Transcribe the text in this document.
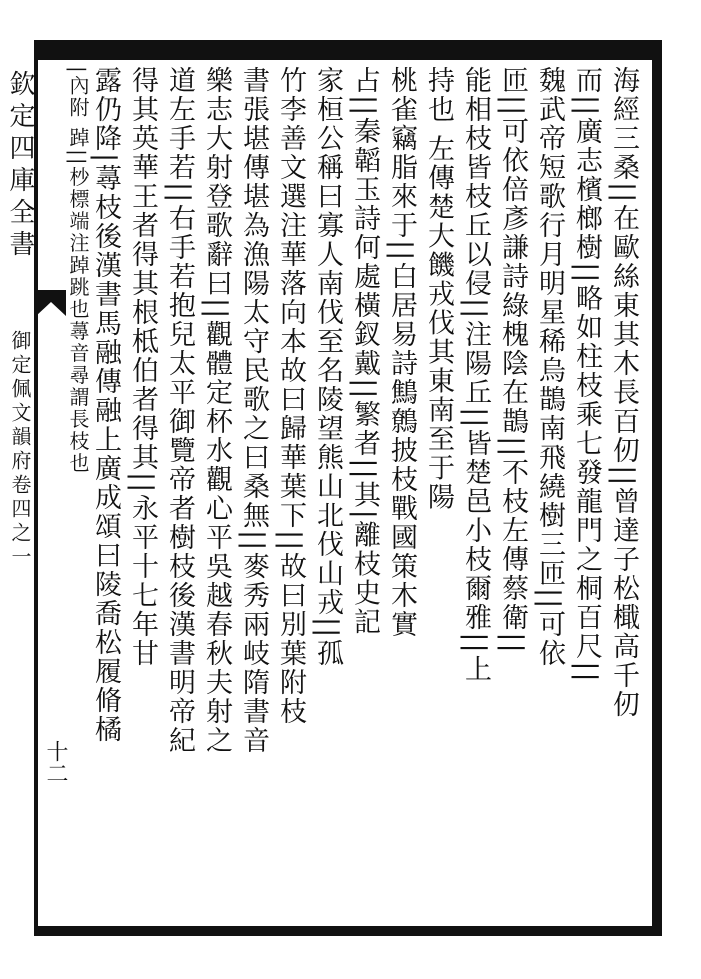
欽定四庫全書
御定佩文韻府卷四之一
十二
海經三桑||在歐絲東其木長百仞||曾達子松檝高千仞
而||廣志檳榔樹||略如柱枝乘七發龍門之桐百尺||
魏武帝短歌行月明星稀烏鵲南飛繞樹三匝||可依
匝||可依倍彥謙詩綠槐陰在鵲||不枝左傳蔡衛||
能相枝皆枝丘以侵||注陽丘||皆楚邑小枝爾雅||上
持也 左傳楚大饑戎伐其東南至于陽
桃雀竊脂來于||白居易詩鷦鷯披枝戰國策木實
占||秦韜玉詩何處橫釵戴||繁者||其|離枝史記
家桓公稱曰寡人南伐至名陵望熊山北伐山戎||孤
竹李善文選注華落向本故曰歸華葉下||故曰別葉附枝
書張堪傳堪為漁陽太守民歌之曰桑無||麥秀兩岐隋書音
樂志大射登歌辭曰||觀體定杯水觀心平吳越春秋夫射之
道左手若||右手若抱兒太平御覽帝者樹枝後漢書明帝紀
得其英華王者得其根柢伯者得其||永平十七年甘
露仍降|蕁枝後漢書馬融傳融上廣成頌曰陵喬松履脩橘
|內附 踔||杪標端注踔跳也蕁音尋謂長枝也
